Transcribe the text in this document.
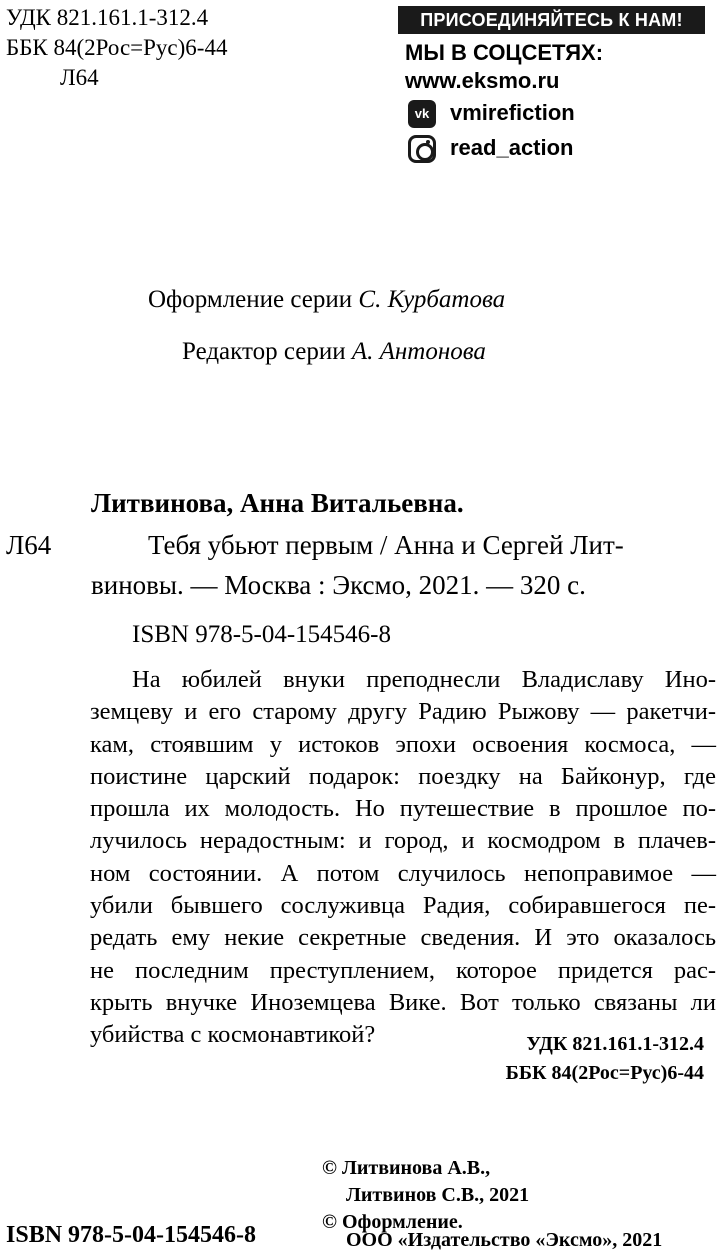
УДК 821.161.1-312.4
ББК 84(2Рос=Рус)6-44
Л64
ПРИСОЕДИНЯЙТЕСЬ К НАМ!
МЫ В СОЦСЕТЯХ:
www.eksmo.ru
vk vmirefiction
read_action
Оформление серии С. Курбатова
Редактор серии А. Антонова
Литвинова, Анна Витальевна.
Л64	Тебя убьют первым / Анна и Сергей Лит-
виновы. — Москва : Эксмо, 2021. — 320 с.
ISBN 978-5-04-154546-8
На юбилей внуки преподнесли Владиславу Ино-
земцеву и его старому другу Радию Рыжову — ракетчи-
кам, стоявшим у истоков эпохи освоения космоса, —
поистине царский подарок: поездку на Байконур, где
прошла их молодость. Но путешествие в прошлое по-
лучилось нерадостным: и город, и космодром в плачев-
ном состоянии. А потом случилось непоправимое —
убили бывшего сослуживца Радия, собиравшегося пе-
редать ему некие секретные сведения. И это оказалось
не последним преступлением, которое придется рас-
крыть внучке Иноземцева Вике. Вот только связаны ли
убийства с космонавтикой?	УДК 821.161.1-312.4
ББК 84(2Рос=Рус)6-44
© Литвинова А.В.,
Литвинов С.В., 2021
© Оформление.
ООО «Издательство «Эксмо», 2021
ISBN 978-5-04-154546-8
